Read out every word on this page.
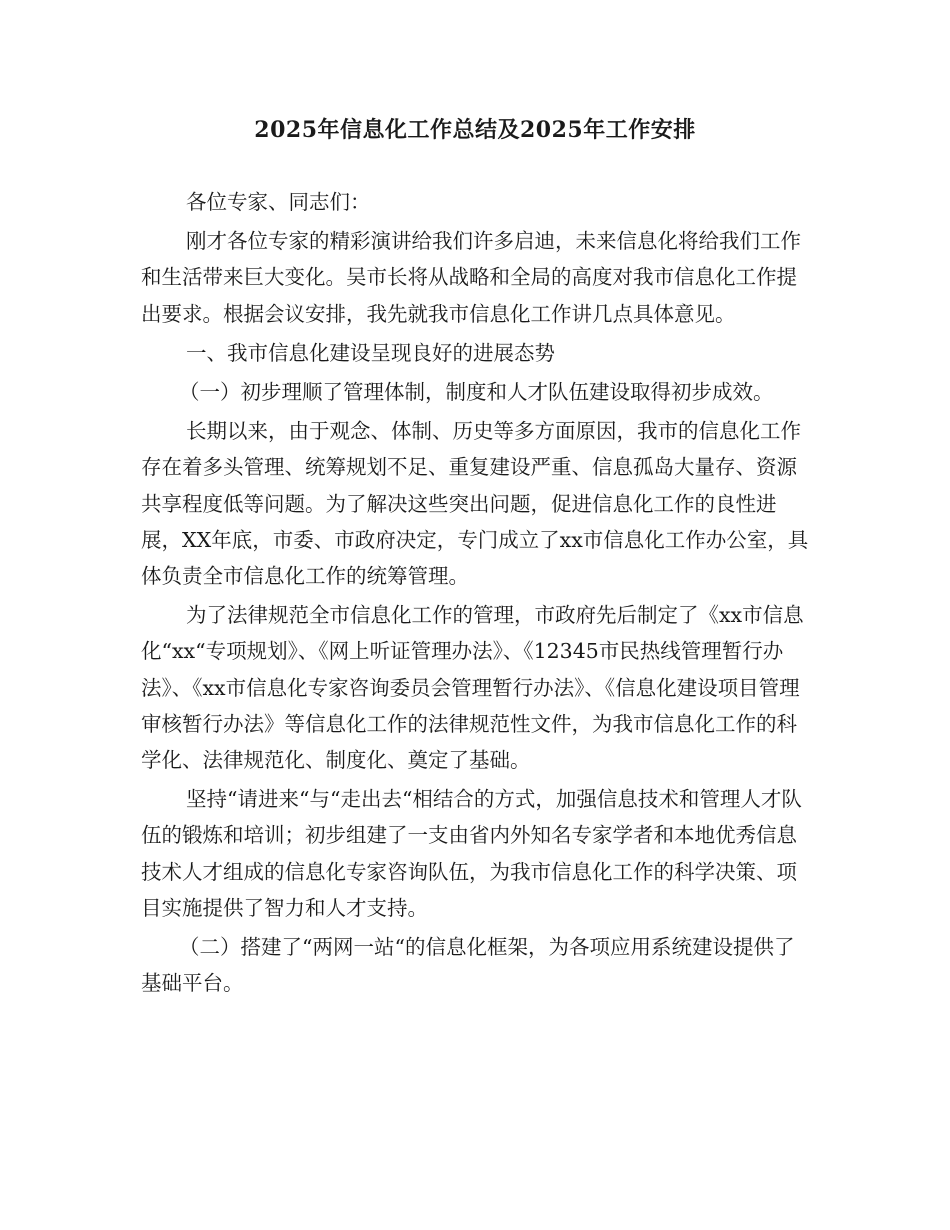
2025年信息化工作总结及2025年工作安排

各位专家、同志们：

刚才各位专家的精彩演讲给我们许多启迪，未来信息化将给我们工作和生活带来巨大变化。吴市长将从战略和全局的高度对我市信息化工作提出要求。根据会议安排，我先就我市信息化工作讲几点具体意见。

一、我市信息化建设呈现良好的进展态势

（一）初步理顺了管理体制，制度和人才队伍建设取得初步成效。

长期以来，由于观念、体制、历史等多方面原因，我市的信息化工作存在着多头管理、统筹规划不足、重复建设严重、信息孤岛大量存、资源共享程度低等问题。为了解决这些突出问题，促进信息化工作的良性进展，XX年底，市委、市政府决定，专门成立了xx市信息化工作办公室，具体负责全市信息化工作的统筹管理。

为了法律规范全市信息化工作的管理，市政府先后制定了《xx市信息化“xx“专项规划》、《网上听证管理办法》、《12345市民热线管理暂行办法》、《xx市信息化专家咨询委员会管理暂行办法》、《信息化建设项目管理审核暂行办法》等信息化工作的法律规范性文件，为我市信息化工作的科学化、法律规范化、制度化、奠定了基础。

坚持“请进来“与“走出去“相结合的方式，加强信息技术和管理人才队伍的锻炼和培训；初步组建了一支由省内外知名专家学者和本地优秀信息技术人才组成的信息化专家咨询队伍，为我市信息化工作的科学决策、项目实施提供了智力和人才支持。

（二）搭建了“两网一站“的信息化框架，为各项应用系统建设提供了基础平台。
